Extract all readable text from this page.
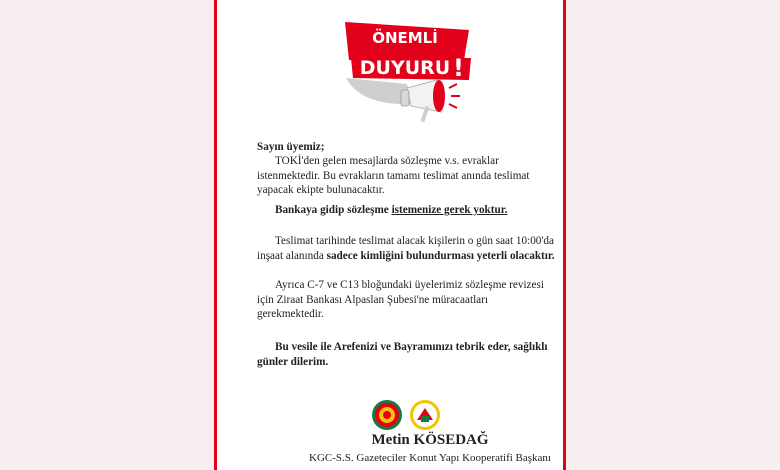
ÖNEMLİ
DUYURU !
Sayın üyemiz;
TOKİ'den gelen mesajlarda sözleşme v.s. evraklar istenmektedir. Bu evrakların tamamı teslimat anında teslimat yapacak ekipte bulunacaktır.
Bankaya gidip sözleşme istemenize gerek yoktur.
Teslimat tarihinde teslimat alacak kişilerin o gün saat 10:00'da inşaat alanında sadece kimliğini bulundurması yeterli olacaktır.
Ayrıca C-7 ve C13 bloğundaki üyelerimiz sözleşme revizesi için Ziraat Bankası Alpaslan Şubesi'ne müracaatları gerekmektedir.
Bu vesile ile Arefenizi ve Bayramınızı tebrik eder, sağlıklı günler dilerim.
Metin KÖSEDAĞ
KGC-S.S. Gazeteciler Konut Yapı Kooperatifi Başkanı
